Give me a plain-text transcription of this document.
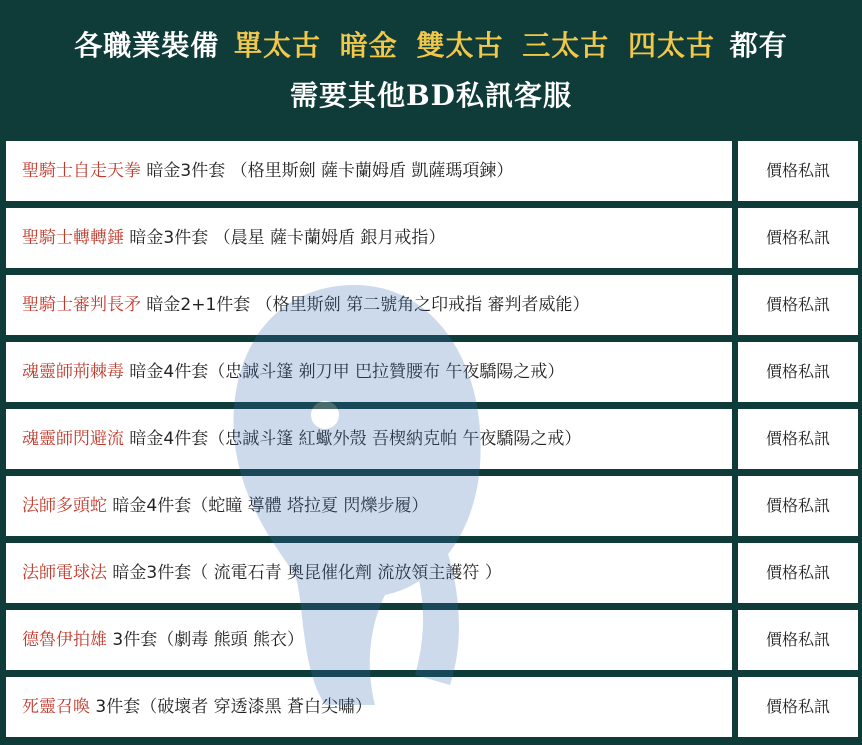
各職業裝備 單太古 暗金 雙太古 三太古 四太古 都有
需要其他BD私訊客服
聖騎士自走天拳 暗金3件套 （格里斯劍 薩卡蘭姆盾 凱薩瑪項鍊）	價格私訊
聖騎士轉轉錘 暗金3件套 （晨星 薩卡蘭姆盾 銀月戒指）	價格私訊
聖騎士審判長矛 暗金2+1件套 （格里斯劍 第二號角之印戒指 審判者威能）	價格私訊
魂靈師荊棘毒 暗金4件套（忠誠斗篷 剃刀甲 巴拉贊腰布 午夜驕陽之戒）	價格私訊
魂靈師閃避流 暗金4件套（忠誠斗篷 紅蠍外殼 吾楔納克帕 午夜驕陽之戒）	價格私訊
法師多頭蛇 暗金4件套（蛇瞳 導體 塔拉夏 閃爍步履）	價格私訊
法師電球法 暗金3件套（ 流電石青 奧昆催化劑 流放領主護符 ）	價格私訊
德魯伊拍雄 3件套（劇毒 熊頭 熊衣）	價格私訊
死靈召喚 3件套（破壞者 穿透漆黑 蒼白尖嘯）	價格私訊
